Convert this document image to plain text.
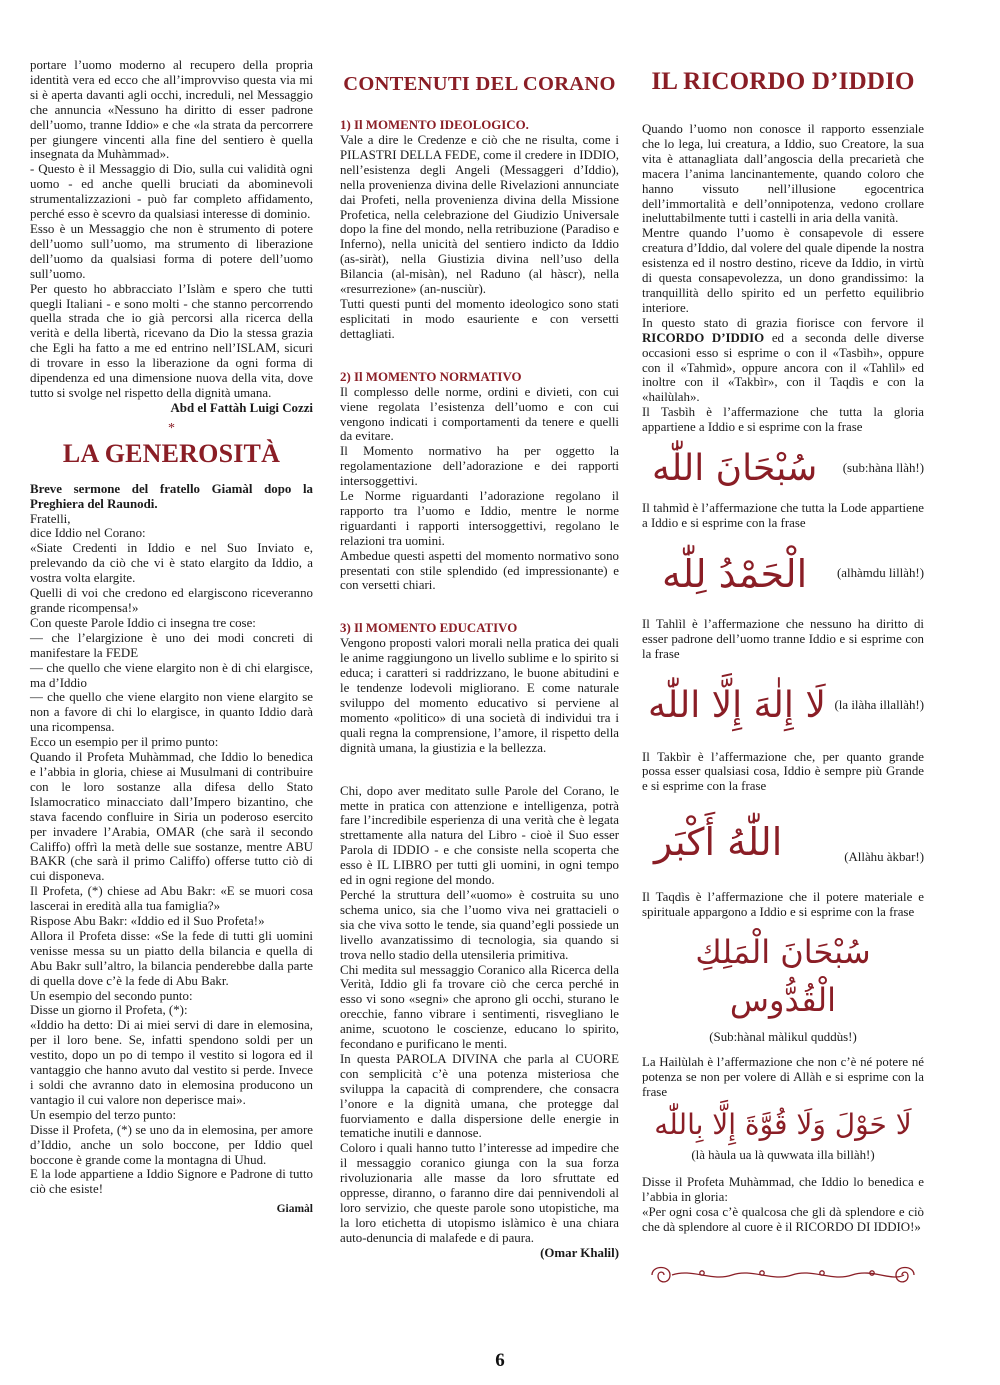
portare l’uomo moderno al recupero della propria identità vera ed ecco che all’improvviso questa via mi si è aperta davanti agli occhi, increduli, nel Messaggio che annuncia «Nessuno ha diritto di esser padrone dell’uomo, tranne Iddio» e che «la strata da percorrere per giungere vincenti alla fine del sentiero è quella insegnata da Muhàmmad».

- Questo è il Messaggio di Dio, sulla cui validità ogni uomo - ed anche quelli bruciati da abominevoli strumentalizzazioni - può far completo affidamento, perché esso è scevro da qualsiasi interesse di dominio.

Esso è un Messaggio che non è strumento di potere dell’uomo sull’uomo, ma strumento di liberazione dell’uomo da qualsiasi forma di potere dell’uomo sull’uomo.

Per questo ho abbracciato l’Islàm e spero che tutti quegli Italiani - e sono molti - che stanno percorrendo quella strada che io già percorsi alla ricerca della verità e della libertà, ricevano da Dio la stessa grazia che Egli ha fatto a me ed entrino nell’ISLAM, sicuri di trovare in esso la liberazione da ogni forma di dipendenza ed una dimensione nuova della vita, dove tutto si svolge nel rispetto della dignità umana.

Abd el Fattàh Luigi Cozzi

*
LA GENEROSITÀ

Breve sermone del fratello Giamàl dopo la Preghiera del Raunodi.

Fratelli,

dice Iddio nel Corano:

«Siate Credenti in Iddio e nel Suo Inviato e, prelevando da ciò che vi è stato elargito da Iddio, a vostra volta elargite.

Quelli di voi che credono ed elargiscono riceveranno grande ricompensa!»

Con queste Parole Iddio ci insegna tre cose:

— che l’elargizione è uno dei modi concreti di manifestare la FEDE

— che quello che viene elargito non è di chi elargisce, ma d’Iddio

— che quello che viene elargito non viene elargito se non a favore di chi lo elargisce, in quanto Iddio darà una ricompensa.

Ecco un esempio per il primo punto:

Quando il Profeta Muhàmmad, che Iddio lo benedica e l’abbia in gloria, chiese ai Musulmani di contribuire con le loro sostanze alla difesa dello Stato Islamocratico minacciato dall’Impero bizantino, che stava facendo confluire in Siria un poderoso esercito per invadere l’Arabia, OMAR (che sarà il secondo Califfo) offrì la metà delle sue sostanze, mentre ABU BAKR (che sarà il primo Califfo) offerse tutto ciò di cui disponeva.

Il Profeta, (*) chiese ad Abu Bakr: «E se muori cosa lascerai in eredità alla tua famiglia?»

Rispose Abu Bakr: «Iddio ed il Suo Profeta!»

Allora il Profeta disse: «Se la fede di tutti gli uomini venisse messa su un piatto della bilancia e quella di Abu Bakr sull’altro, la bilancia penderebbe dalla parte di quella dove c’è la fede di Abu Bakr.

Un esempio del secondo punto:

Disse un giorno il Profeta, (*):

«Iddio ha detto: Di ai miei servi di dare in elemosina, per il loro bene. Se, infatti spendono soldi per un vestito, dopo un po di tempo il vestito si logora ed il vantaggio che hanno avuto dal vestito si perde. Invece i soldi che avranno dato in elemosina producono un vantagio il cui valore non deperisce mai».

Un esempio del terzo punto:

Disse il Profeta, (*) se uno da in elemosina, per amore d’Iddio, anche un solo boccone, per Iddio quel boccone è grande come la montagna di Uhud.

E la lode appartiene a Iddio Signore e Padrone di tutto ciò che esiste!

Giamàl

CONTENUTI DEL CORANO
1) Il MOMENTO IDEOLOGICO.

Vale a dire le Credenze e ciò che ne risulta, come i PILASTRI DELLA FEDE, come il credere in IDDIO, nell’esistenza degli Angeli (Messaggeri d’Iddio), nella provenienza divina delle Rivelazioni annunciate dai Profeti, nella provenienza divina della Missione Profetica, nella celebrazione del Giudizio Universale dopo la fine del mondo, nella retribuzione (Paradiso e Inferno), nella unicità del sentiero indicto da Iddio (as-siràt), nella Giustizia divina nell’uso della Bilancia (al-misàn), nel Raduno (al hàscr), nella «resurrezione» (an-nusciùr).

Tutti questi punti del momento ideologico sono stati esplicitati in modo esauriente e con versetti dettagliati.

2) Il MOMENTO NORMATIVO

Il complesso delle norme, ordini e divieti, con cui viene regolata l’esistenza dell’uomo e con cui vengono indicati i comportamenti da tenere e quelli da evitare.

Il Momento normativo ha per oggetto la regolamentazione dell’adorazione e dei rapporti intersoggettivi.

Le Norme riguardanti l’adorazione regolano il rapporto tra l’uomo e Iddio, mentre le norme riguardanti i rapporti intersoggettivi, regolano le relazioni tra uomini.

Ambedue questi aspetti del momento normativo sono presentati con stile splendido (ed impressionante) e con versetti chiari.

3) Il MOMENTO EDUCATIVO

Vengono proposti valori morali nella pratica dei quali le anime raggiungono un livello sublime e lo spirito si educa; i caratteri si raddrizzano, le buone abitudini e le tendenze lodevoli migliorano. E come naturale sviluppo del momento educativo si perviene al momento «politico» di una società di individui tra i quali regna la comprensione, l’amore, il rispetto della dignità umana, la giustizia e la bellezza.

Chi, dopo aver meditato sulle Parole del Corano, le mette in pratica con attenzione e intelligenza, potrà fare l’incredibile esperienza di una verità che è legata strettamente alla natura del Libro - cioè il Suo esser Parola di IDDIO - e che consiste nella scoperta che esso è IL LIBRO per tutti gli uomini, in ogni tempo ed in ogni regione del mondo.

Perché la struttura dell’«uomo» è costruita su uno schema unico, sia che l’uomo viva nei grattacieli o sia che viva sotto le tende, sia quand’egli possiede un livello avanzatissimo di tecnologia, sia quando si trova nello stadio della utensileria primitiva.

Chi medita sul messaggio Coranico alla Ricerca della Verità, Iddio gli fa trovare ciò che cerca perché in esso vi sono «segni» che aprono gli occhi, sturano le orecchie, fanno vibrare i sentimenti, risvegliano le anime, scuotono le coscienze, educano lo spirito, fecondano e purificano le menti.

In questa PAROLA DIVINA che parla al CUORE con semplicità c’è una potenza misteriosa che sviluppa la capacità di comprendere, che consacra l’onore e la dignità umana, che protegge dal fuorviamento e dalla dispersione delle energie in tematiche inutili e dannose.

Coloro i quali hanno tutto l’interesse ad impedire che il messaggio coranico giunga con la sua forza rivoluzionaria alle masse da loro sfruttate ed oppresse, diranno, o faranno dire dai pennivendoli al loro servizio, che queste parole sono utopistiche, ma la loro etichetta di utopismo islàmico è una chiara auto-denuncia di malafede e di paura.

(Omar Khalil)

IL RICORDO D’IDDIO

Quando l’uomo non conosce il rapporto essenziale che lo lega, lui creatura, a Iddio, suo Creatore, la sua vita è attanagliata dall’angoscia della precarietà che macera l’anima lancinantemente, quando coloro che hanno vissuto nell’illusione egocentrica dell’immortalità e dell’onnipotenza, vedono crollare ineluttabilmente tutti i castelli in aria della vanità.

Mentre quando l’uomo è consapevole di essere creatura d’Iddio, dal volere del quale dipende la nostra esistenza ed il nostro destino, riceve da Iddio, in virtù di questa consapevolezza, un dono grandissimo: la tranquillità dello spirito ed un perfetto equilibrio interiore.

In questo stato di grazia fiorisce con fervore il RICORDO D’IDDIO ed a seconda delle diverse occasioni esso si esprime o con il «Tasbìh», oppure con il «Tahmìd», oppure ancora con il «Tahlìl» ed inoltre con il «Takbìr», con il Taqdìs e con la «hailùlah».

Il Tasbìh è l’affermazione che tutta la gloria appartiene a Iddio e si esprime con la frase

سُبْحَانَ اللّٰه (sub:hàna llàh!)

Il tahmìd è l’affermazione che tutta la Lode appartiene a Iddio e si esprime con la frase

الْحَمْدُ لِلّٰه (alhàmdu lillàh!)

Il Tahlìl è l’affermazione che nessuno ha diritto di esser padrone dell’uomo tranne Iddio e si esprime con la frase

لَا إِلٰهَ إِلَّا اللّٰه (la ilàha illallàh!)

Il Takbìr è l’affermazione che, per quanto grande possa esser qualsiasi cosa, Iddio è sempre più Grande e si esprime con la frase

اللّٰهُ أَكْبَر	(Allàhu àkbar!)

Il Taqdìs è l’affermazione che il potere materiale e spirituale appargono a Iddio e si esprime con la frase

سُبْحَانَ الْمَلِكِ الْقُدُّوس
(Sub:hànal màlikul quddùs!)

La Hailùlah è l’affermazione che non c’è né potere né potenza se non per volere di Allàh e si esprime con la frase

لَا حَوْلَ وَلَا قُوَّةَ إِلَّا بِاللّٰه
(là hàula ua là quwwata illa billàh!)

Disse il Profeta Muhàmmad, che Iddio lo benedica e l’abbia in gloria:

«Per ogni cosa c’è qualcosa che gli dà splendore e ciò che dà splendore al cuore è il RICORDO DI IDDIO!»

6
